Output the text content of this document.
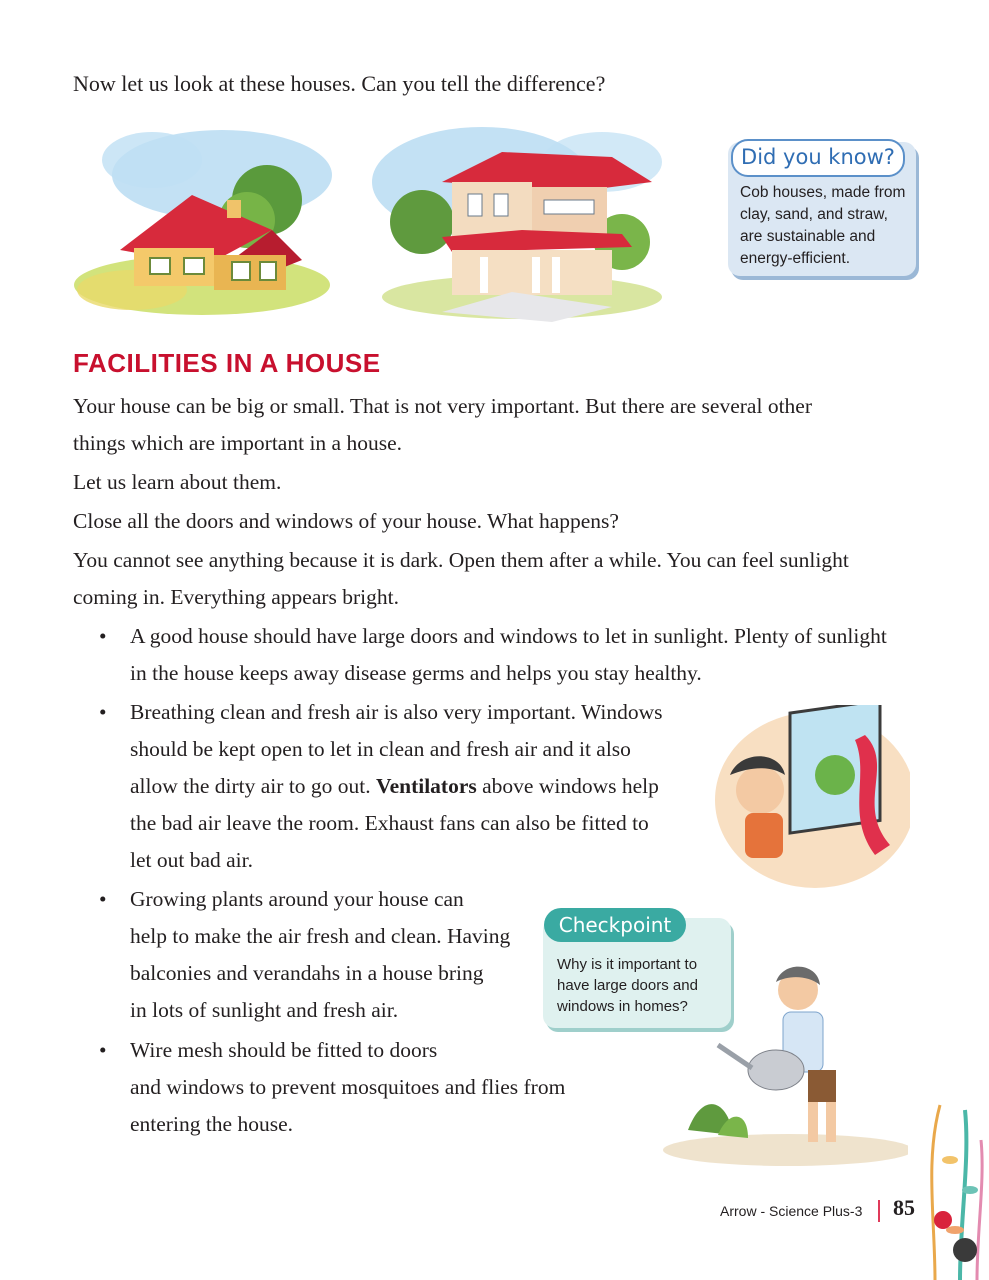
Now let us look at these houses. Can you tell the difference?
Did you know?
Cob houses, made from clay, sand, and straw, are sustainable and energy-efficient.
FACILITIES IN A HOUSE
Your house can be big or small. That is not very important. But there are several other
things which are important in a house.
Let us learn about them.
Close all the doors and windows of your house. What happens?
You cannot see anything because it is dark. Open them after a while. You can feel sunlight
coming in. Everything appears bright.
• A good house should have large doors and windows to let in sunlight. Plenty of sunlight
in the house keeps away disease germs and helps you stay healthy.
• Breathing clean and fresh air is also very important. Windows
should be kept open to let in clean and fresh air and it also
allow the dirty air to go out. Ventilators above windows help
the bad air leave the room. Exhaust fans can also be fitted to
let out bad air.
• Growing plants around your house can
help to make the air fresh and clean. Having
balconies and verandahs in a house bring
in lots of sunlight and fresh air.
Checkpoint
Why is it important to have large doors and windows in homes?
• Wire mesh should be fitted to doors
and windows to prevent mosquitoes and flies from
entering the house.
Arrow - Science Plus-3 85
